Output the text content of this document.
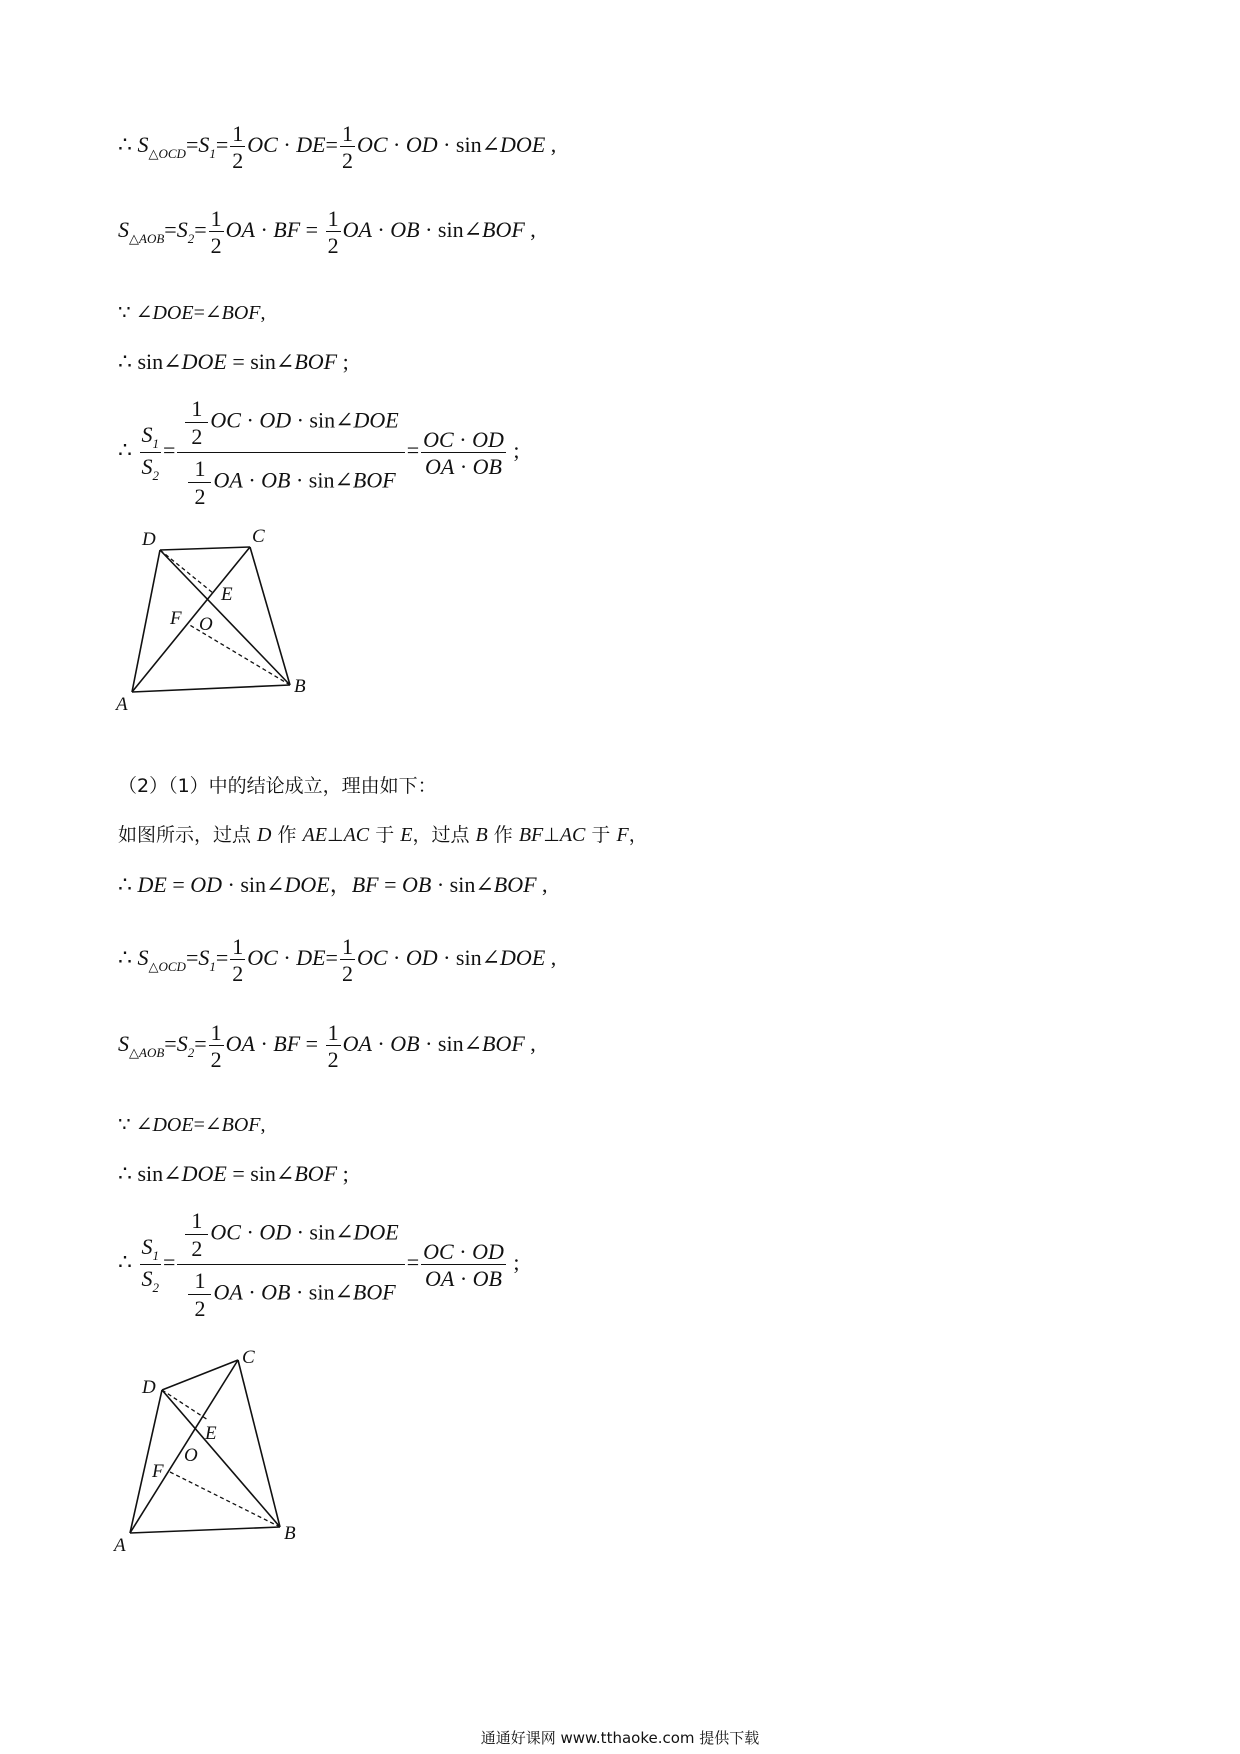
∴ $S_{\triangle OCD}=S_1= \frac{1}{2}$ OC · $DE= \frac{1}{2}$ OC · OD · sin∠DOE ,
$S_{\triangle AOB}=S_2= \frac{1}{2}$ OA · BF = $\frac{1}{2}$ OA · OB · sin∠BOF ,
∵ ∠DOE=∠BOF,
∴ sin∠DOE = sin∠BOF ;
∴ $\frac{S_1}{S_2} = \frac{\frac{1}{2} OC \cdot OD \cdot \sin\angle DOE}{\frac{1}{2} OA \cdot OB \cdot \sin\angle BOF} = \frac{OC \cdot OD}{OA \cdot OB}$ ;
D	C
E
F O
A
B
（2）（1）中的结论成立，理由如下：
如图所示，过点 D 作 AE⊥AC 于 E，过点 B 作 BF⊥AC 于 F，
∴ DE = OD · sin∠DOE，BF = OB · sin∠BOF ,
∴ $S_{\triangle OCD}=S_1= \frac{1}{2}$ OC · $DE= \frac{1}{2}$ OC · OD · sin∠DOE ,
$S_{\triangle AOB}=S_2= \frac{1}{2}$ OA · BF = $\frac{1}{2}$ OA · OB · sin∠BOF ,
∵ ∠DOE=∠BOF,
∴ sin∠DOE = sin∠BOF ;
∴ $\frac{S_1}{S_2} = \frac{\frac{1}{2} OC \cdot OD \cdot \sin\angle DOE}{\frac{1}{2} OA \cdot OB \cdot \sin\angle BOF} = \frac{OC \cdot OD}{OA \cdot OB}$ ;
D
C
E
F
O
A
B
通通好课网 www.tthaoke.com 提供下载
